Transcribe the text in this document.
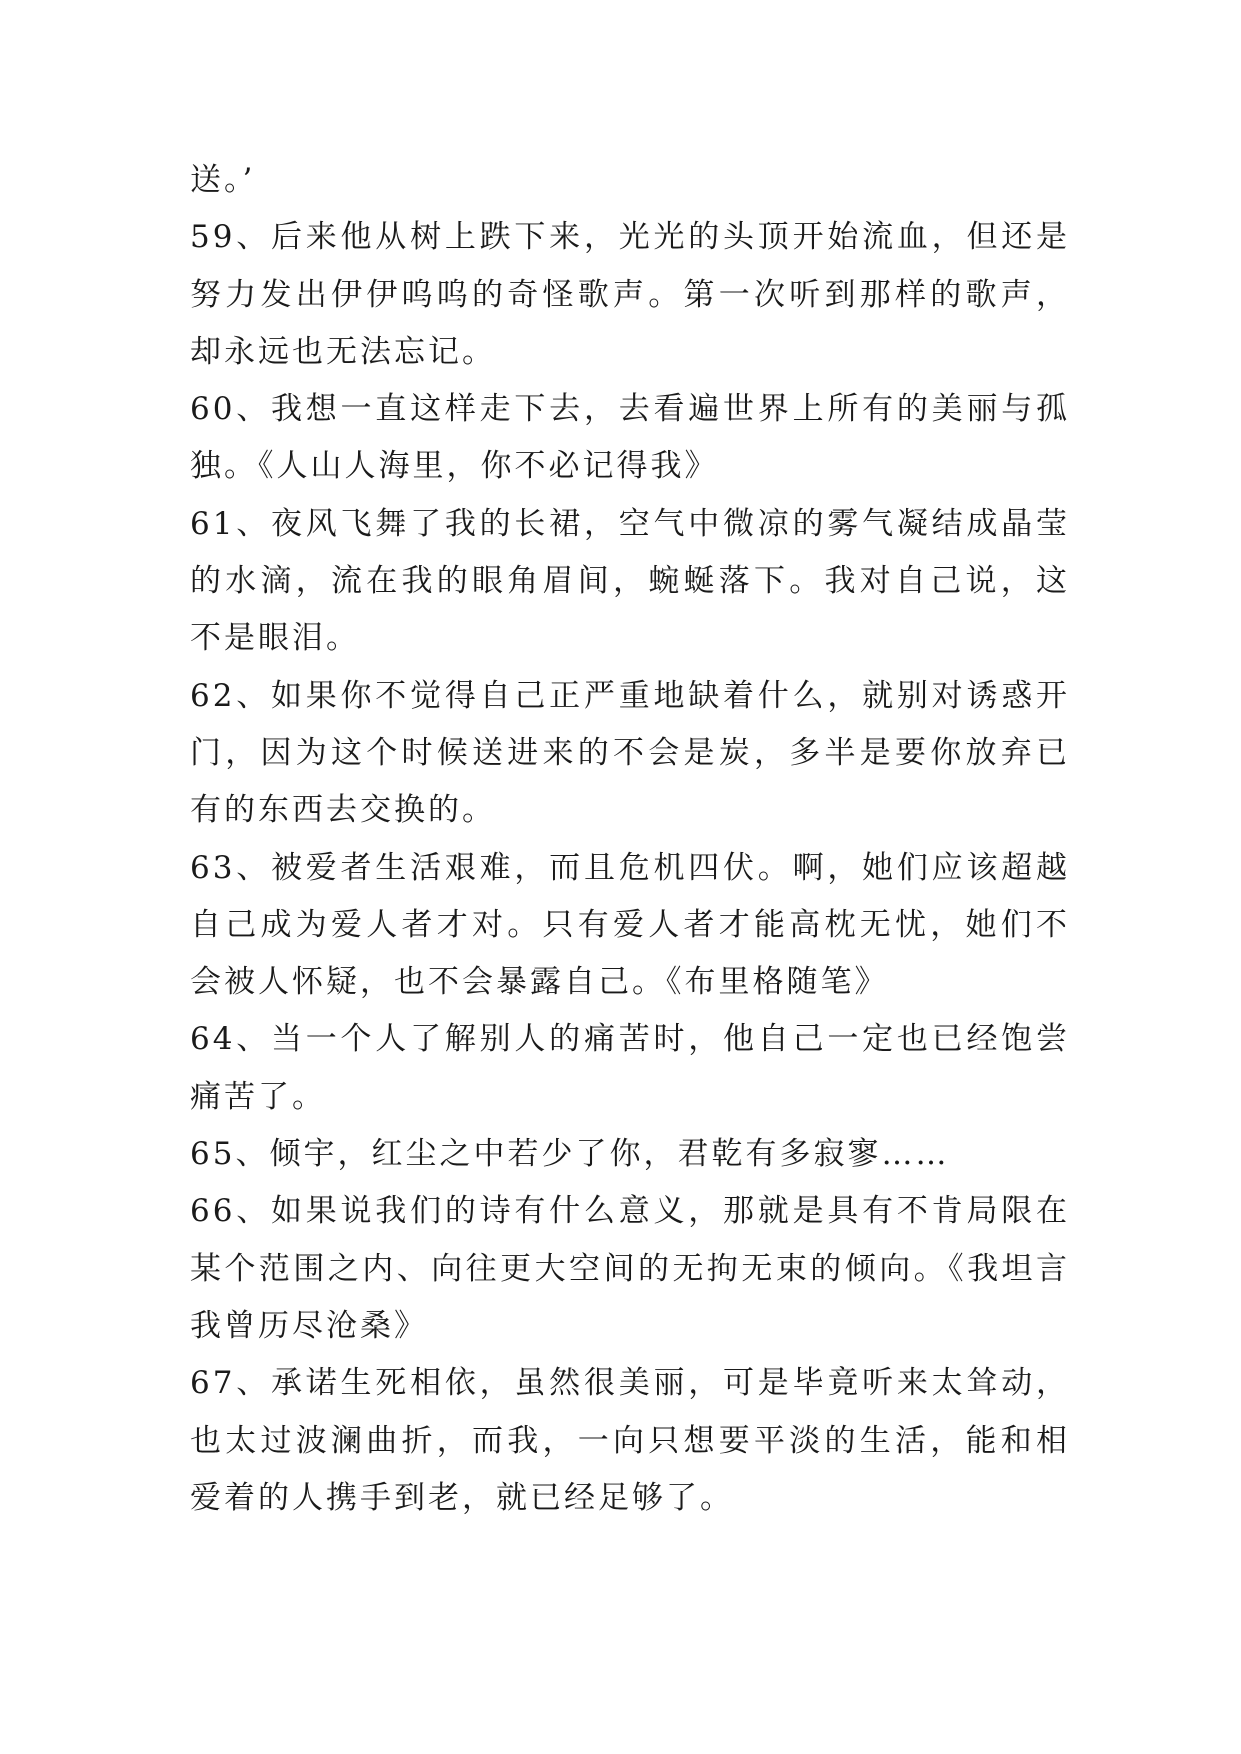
送。’

59、后来他从树上跌下来，光光的头顶开始流血，但还是努力发出伊伊呜呜的奇怪歌声。第一次听到那样的歌声，却永远也无法忘记。

60、我想一直这样走下去，去看遍世界上所有的美丽与孤独。《人山人海里，你不必记得我》

61、夜风飞舞了我的长裙，空气中微凉的雾气凝结成晶莹的水滴，流在我的眼角眉间，蜿蜒落下。我对自己说，这不是眼泪。

62、如果你不觉得自己正严重地缺着什么，就别对诱惑开门，因为这个时候送进来的不会是炭，多半是要你放弃已有的东西去交换的。

63、被爱者生活艰难，而且危机四伏。啊，她们应该超越自己成为爱人者才对。只有爱人者才能高枕无忧，她们不会被人怀疑，也不会暴露自己。《布里格随笔》

64、当一个人了解别人的痛苦时，他自己一定也已经饱尝痛苦了。

65、倾宇，红尘之中若少了你，君乾有多寂寥……

66、如果说我们的诗有什么意义，那就是具有不肯局限在某个范围之内、向往更大空间的无拘无束的倾向。《我坦言我曾历尽沧桑》

67、承诺生死相依，虽然很美丽，可是毕竟听来太耸动，也太过波澜曲折，而我，一向只想要平淡的生活，能和相爱着的人携手到老，就已经足够了。
